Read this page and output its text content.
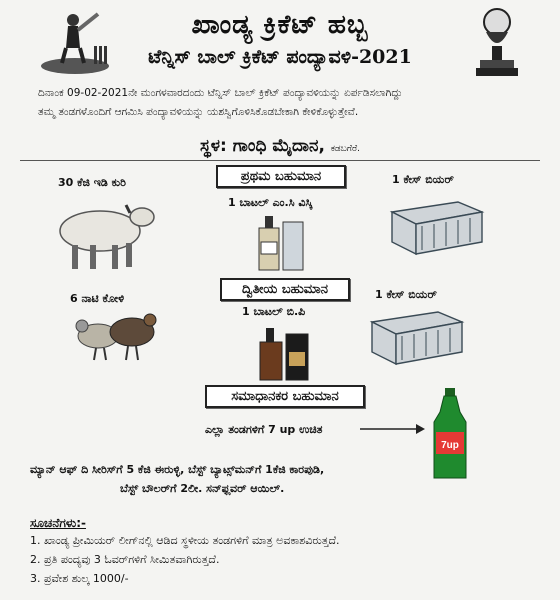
ಖಾಂಡ್ಯ ಕ್ರಿಕೆಟ್ ಹಬ್ಬ
ಟೆನ್ನಿಸ್ ಬಾಲ್ ಕ್ರಿಕೆಟ್ ಪಂದ್ಯಾವಳಿ-2021
ದಿನಾಂಕ 09-02-2021ನೇ ಮಂಗಳವಾರದಂದು ಟೆನ್ನಿಸ್ ಬಾಲ್ ಕ್ರಿಕೆಟ್ ಪಂದ್ಯಾವಳಿಯನ್ನು ಏರ್ಪಡಿಸಲಾಗಿದ್ದು
ತಮ್ಮ ತಂಡಗಳೊಂದಿಗೆ ಆಗಮಿಸಿ ಪಂದ್ಯಾವಳಿಯನ್ನು ಯಶಸ್ವಿಗೊಳಿಸಿಕೊಡಬೇಕಾಗಿ ಕೇಳಿಕೊಳ್ಳುತ್ತೇವೆ.
ಸ್ಥಳ: ಗಾಂಧಿ ಮೈದಾನ, ಕಡಬಗೆರೆ.
ಪ್ರಥಮ ಬಹುಮಾನ
30 ಕೆಜಿ ಇಡಿ ಕುರಿ
1 ಬಾಟಲ್ ಎಂ.ಸಿ ವಿಸ್ಕಿ
1 ಕೇಸ್ ಬಿಯರ್
ದ್ವಿತೀಯ ಬಹುಮಾನ
6 ನಾಟಿ ಕೋಳಿ
1 ಬಾಟಲ್ ಬಿ.ಪಿ
1 ಕೇಸ್ ಬಿಯರ್
ಸಮಾಧಾನಕರ ಬಹುಮಾನ
ಎಲ್ಲಾ ತಂಡಗಳಿಗೆ 7 up ಉಚಿತ
7up
ಮ್ಯಾನ್ ಆಫ್ ದಿ ಸೀರಿಸ್‌ಗೆ 5 ಕೆಜಿ ಈರುಳ್ಳಿ, ಬೆಸ್ಟ್ ಬ್ಯಾಟ್ಸ್‌ಮನ್‌ಗೆ 1ಕೆಜಿ ಕಾರಪುಡಿ,
ಬೆಸ್ಟ್ ಬೌಲರ್‌ಗೆ 2ಲೀ. ಸನ್‌ಫ್ಲವರ್ ಆಯಿಲ್.
ಸೂಚನೆಗಳು:-
1. ಖಾಂಡ್ಯ ಪ್ರೀಮಿಯರ್ ಲೀಗ್‌ನಲ್ಲಿ ಆಡಿದ ಸ್ಥಳೀಯ ತಂಡಗಳಿಗೆ ಮಾತ್ರ ಅವಕಾಶವಿರುತ್ತದೆ.
2. ಪ್ರತಿ ಪಂದ್ಯವು 3 ಓವರ್‌ಗಳಿಗೆ ಸೀಮಿತವಾಗಿರುತ್ತದೆ.
3. ಪ್ರವೇಶ ಶುಲ್ಕ 1000/-
